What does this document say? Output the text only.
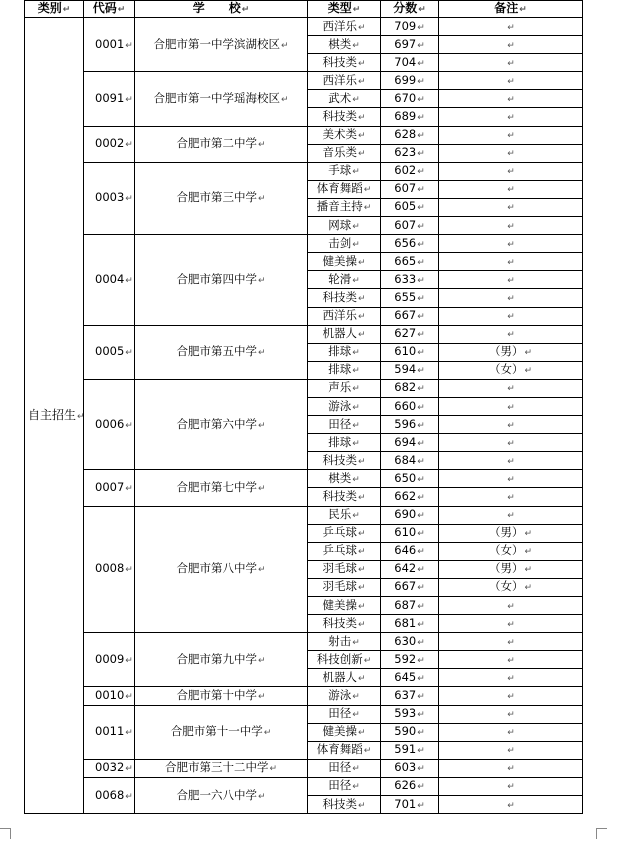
类别↵	代码↵	学　　校↵	类型↵	分数↵	备注↵
自主招生↵	0001↵	合肥市第一中学滨湖校区↵	西洋乐↵	709↵	↵
			棋类↵	697↵	↵
			科技类↵	704↵	↵
	0091↵	合肥市第一中学瑶海校区↵	西洋乐↵	699↵	↵
			武术↵	670↵	↵
			科技类↵	689↵	↵
	0002↵	合肥市第二中学↵	美术类↵	628↵	↵
			音乐类↵	623↵	↵
	0003↵	合肥市第三中学↵	手球↵	602↵	↵
			体育舞蹈↵	607↵	↵
			播音主持↵	605↵	↵
			网球↵	607↵	↵
	0004↵	合肥市第四中学↵	击剑↵	656↵	↵
			健美操↵	665↵	↵
			轮滑↵	633↵	↵
			科技类↵	655↵	↵
			西洋乐↵	667↵	↵
	0005↵	合肥市第五中学↵	机器人↵	627↵	↵
			排球↵	610↵	（男）↵
			排球↵	594↵	（女）↵
	0006↵	合肥市第六中学↵	声乐↵	682↵	↵
			游泳↵	660↵	↵
			田径↵	596↵	↵
			排球↵	694↵	↵
			科技类↵	684↵	↵
	0007↵	合肥市第七中学↵	棋类↵	650↵	↵
			科技类↵	662↵	↵
	0008↵	合肥市第八中学↵	民乐↵	690↵	↵
			乒乓球↵	610↵	（男）↵
			乒乓球↵	646↵	（女）↵
			羽毛球↵	642↵	（男）↵
			羽毛球↵	667↵	（女）↵
			健美操↵	687↵	↵
			科技类↵	681↵	↵
	0009↵	合肥市第九中学↵	射击↵	630↵	↵
			科技创新↵	592↵	↵
			机器人↵	645↵	↵
	0010↵	合肥市第十中学↵	游泳↵	637↵	↵
	0011↵	合肥市第十一中学↵	田径↵	593↵	↵
			健美操↵	590↵	↵
			体育舞蹈↵	591↵	↵
	0032↵	合肥市第三十二中学↵	田径↵	603↵	↵
	0068↵	合肥一六八中学↵	田径↵	626↵	↵
			科技类↵	701↵	↵
